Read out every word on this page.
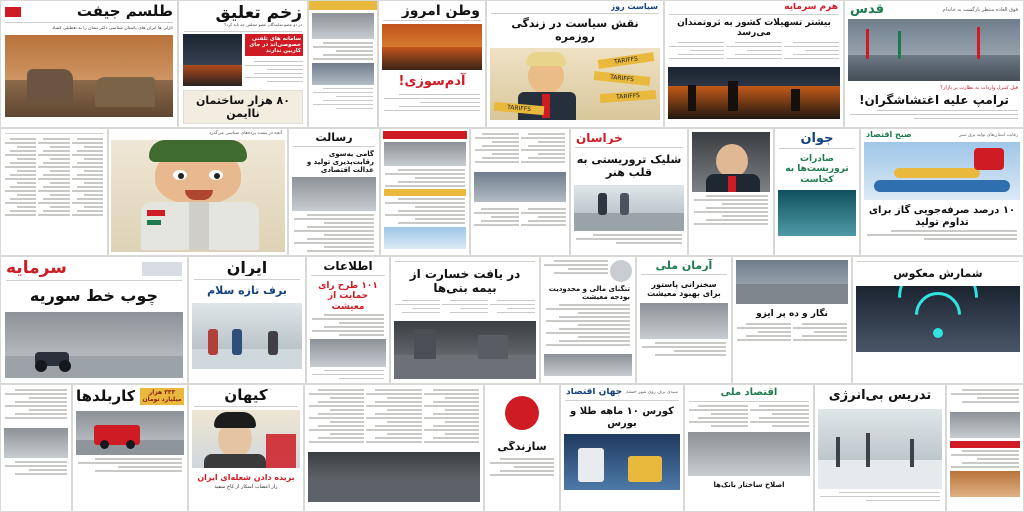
طلسم جیفت
نازلی ها ایران های باستان شناسی دکتر نشان را به تعطیلی گشاد
زخم تعلیق
در دو عضو نمایندگان عضو مجلس چه باید کرد؟
سامانه های تلفنی خصوصی‌اند در جای کاربین ندارند
۸۰ هزار ساختمان ناایمن
وطن امروز
آدم‌سوزی!
سیاست روز
نقش سیاست در زندگی روزمره
TARIFFS
TARIFFS
TARIFFS
TARIFFS
هرم سرمایه
بیشتر تسهیلات کشور به ثروتمندان می‌رسد
فوق العاده منتظر بازگشت به خانه‌ام
قدس
قبل کنترل واردات به نظارت بر بازار؟
ترامپ علیه اغتشاشگران!
آنچه در پشت پرده‌های سیاسی می‌گذرد	رسالت
گامی به‌سوی رقابت‌پذیری تولید و عدالت اقتصادی
خراسان
شلیک تروریستی به قلب هنر
جوان
صادرات تروریست‌ها به کجاست
رقابت استان‌های تولید برق سبز
صبح اقتصاد
۱۰ درصد صرفه‌جویی گاز برای تداوم تولید
سرمایه
چوب خط سوریه
ایران
برف تازه سلام
اطلاعات
۱۰۱ طرح رای حمایت از معیشت
در یافت خسارت از بیمه‌ بنی‌ها	تنگنای مالی و محدودیت بودجه معیشت
آرمان ملی
سخنرانی پاستور برای بهبود معیشت
نگار و ده پر ایزو
شمارش معکوس
۳۳۳ هزار میلیارد تومان
کاربلدها	کیهان
بریده دادن شعله‌ای ایران
راز اعصاب اسکار از کاخ سفید
سازندگی
سیدی برف روی شهر خسته
جهان اقتصاد
کورس ۱۰ ماهه طلا و بورس
اقتصاد ملی
اصلاح ساختار بانک‌ها
تدریس بی‌انرژی
